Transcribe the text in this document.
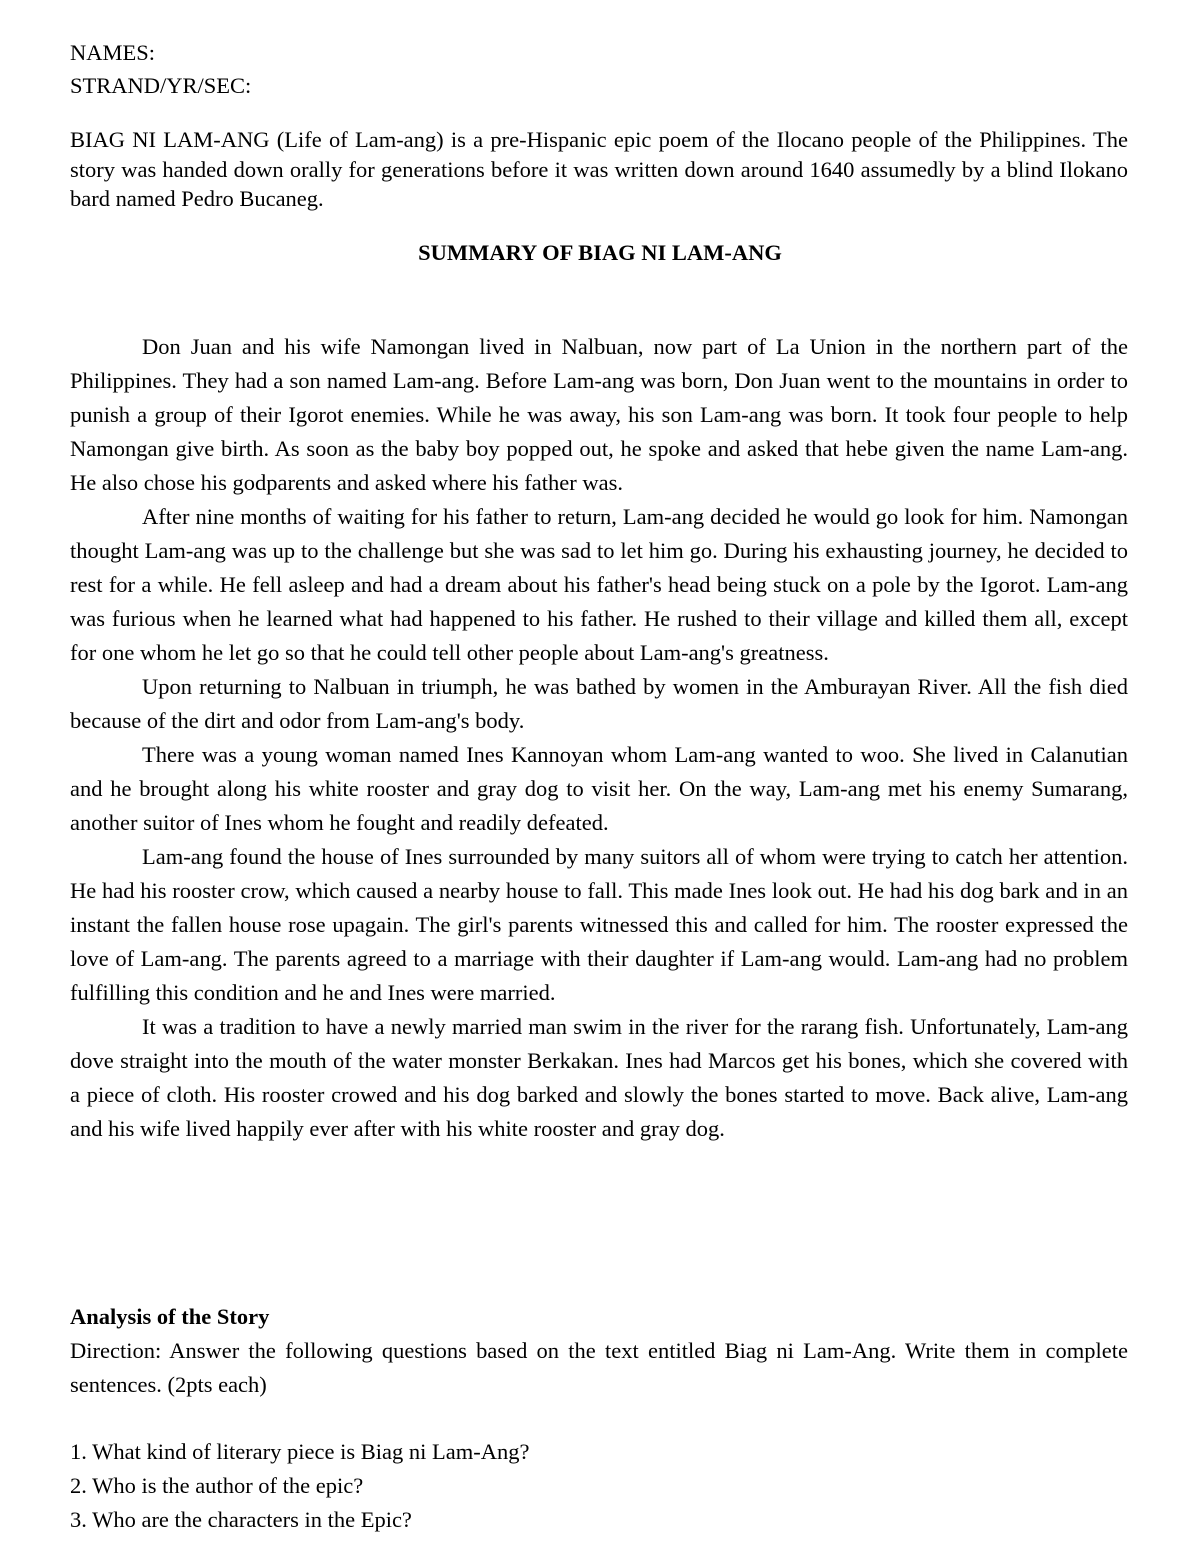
NAMES:
STRAND/YR/SEC:
BIAG NI LAM-ANG (Life of Lam-ang) is a pre-Hispanic epic poem of the Ilocano people of the Philippines. The story was handed down orally for generations before it was written down around 1640 assumedly by a blind Ilokano bard named Pedro Bucaneg.
SUMMARY OF BIAG NI LAM-ANG

Don Juan and his wife Namongan lived in Nalbuan, now part of La Union in the northern part of the Philippines. They had a son named Lam-ang. Before Lam-ang was born, Don Juan went to the mountains in order to punish a group of their Igorot enemies. While he was away, his son Lam-ang was born. It took four people to help Namongan give birth. As soon as the baby boy popped out, he spoke and asked that hebe given the name Lam-ang. He also chose his godparents and asked where his father was.

After nine months of waiting for his father to return, Lam-ang decided he would go look for him. Namongan thought Lam-ang was up to the challenge but she was sad to let him go. During his exhausting journey, he decided to rest for a while. He fell asleep and had a dream about his father's head being stuck on a pole by the Igorot. Lam-ang was furious when he learned what had happened to his father. He rushed to their village and killed them all, except for one whom he let go so that he could tell other people about Lam-ang's greatness.

Upon returning to Nalbuan in triumph, he was bathed by women in the Amburayan River. All the fish died because of the dirt and odor from Lam-ang's body.

There was a young woman named Ines Kannoyan whom Lam-ang wanted to woo. She lived in Calanutian and he brought along his white rooster and gray dog to visit her. On the way, Lam-ang met his enemy Sumarang, another suitor of Ines whom he fought and readily defeated.

Lam-ang found the house of Ines surrounded by many suitors all of whom were trying to catch her attention. He had his rooster crow, which caused a nearby house to fall. This made Ines look out. He had his dog bark and in an instant the fallen house rose upagain. The girl's parents witnessed this and called for him. The rooster expressed the love of Lam-ang. The parents agreed to a marriage with their daughter if Lam-ang would. Lam-ang had no problem fulfilling this condition and he and Ines were married.

It was a tradition to have a newly married man swim in the river for the rarang fish. Unfortunately, Lam-ang dove straight into the mouth of the water monster Berkakan. Ines had Marcos get his bones, which she covered with a piece of cloth. His rooster crowed and his dog barked and slowly the bones started to move. Back alive, Lam-ang and his wife lived happily ever after with his white rooster and gray dog.

Analysis of the Story
Direction: Answer the following questions based on the text entitled Biag ni Lam-Ang. Write them in complete sentences. (2pts each)
1. What kind of literary piece is Biag ni Lam-Ang?
2. Who is the author of the epic?
3. Who are the characters in the Epic?
